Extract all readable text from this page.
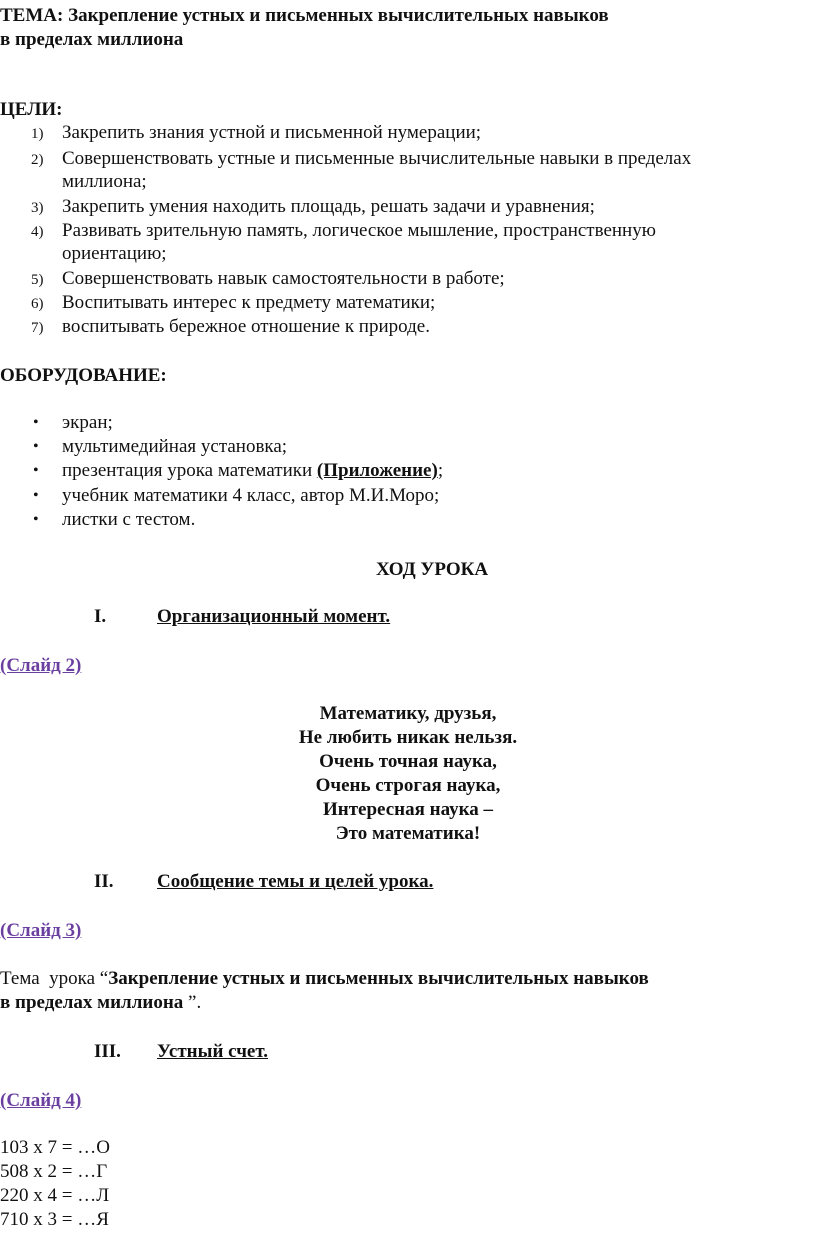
ТЕМА: Закрепление устных и письменных вычислительных навыков
в пределах миллиона
ЦЕЛИ:
1) Закрепить знания устной и письменной нумерации;
2) Совершенствовать устные и письменные вычислительные навыки в пределах
миллиона;
3) Закрепить умения находить площадь, решать задачи и уравнения;
4) Развивать зрительную память, логическое мышление, пространственную
ориентацию;
5) Совершенствовать навык самостоятельности в работе;
6) Воспитывать интерес к предмету математики;
7) воспитывать бережное отношение к природе.
ОБОРУДОВАНИЕ:
• экран;
• мультимедийная установка;
• презентация урока математики (Приложение);
• учебник математики 4 класс, автор М.И.Моро;
• листки с тестом.
ХОД УРОКА
I.	Организационный момент.
(Слайд 2)
Математику, друзья,
Не любить никак нельзя.
Очень точная наука,
Очень строгая наука,
Интересная наука –
Это математика!
II. Сообщение темы и целей урока.
(Слайд 3)
Тема  урока “Закрепление устных и письменных вычислительных навыков
в пределах миллиона ”.
III. Устный счет.
(Слайд 4)
103 х 7 = …О
508 х 2 = …Г
220 х 4 = …Л
710 х 3 = …Я
